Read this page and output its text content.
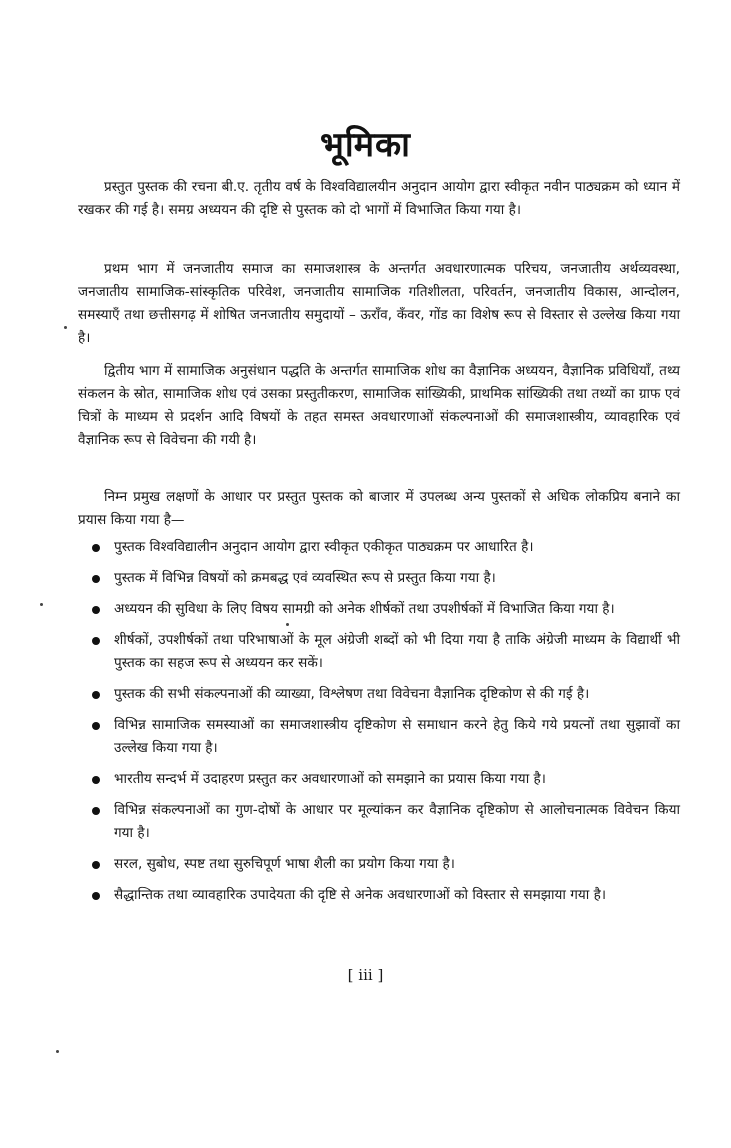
भूमिका

प्रस्तुत पुस्तक की रचना बी.ए. तृतीय वर्ष के विश्वविद्यालयीन अनुदान आयोग द्वारा स्वीकृत नवीन पाठ्यक्रम को ध्यान में रखकर की गई है। समग्र अध्ययन की दृष्टि से पुस्तक को दो भागों में विभाजित किया गया है।

प्रथम भाग में जनजातीय समाज का समाजशास्त्र के अन्तर्गत अवधारणात्मक परिचय, जनजातीय अर्थव्यवस्था, जनजातीय सामाजिक-सांस्कृतिक परिवेश, जनजातीय सामाजिक गतिशीलता, परिवर्तन, जनजातीय विकास, आन्दोलन, समस्याएँ तथा छत्तीसगढ़ में शोषित जनजातीय समुदायों – ऊराँव, कँवर, गोंड का विशेष रूप से विस्तार से उल्लेख किया गया है।

द्वितीय भाग में सामाजिक अनुसंधान पद्धति के अन्तर्गत सामाजिक शोध का वैज्ञानिक अध्ययन, वैज्ञानिक प्रविधियाँ, तथ्य संकलन के स्रोत, सामाजिक शोध एवं उसका प्रस्तुतीकरण, सामाजिक सांख्यिकी, प्राथमिक सांख्यिकी तथा तथ्यों का ग्राफ एवं चित्रों के माध्यम से प्रदर्शन आदि विषयों के तहत समस्त अवधारणाओं संकल्पनाओं की समाजशास्त्रीय, व्यावहारिक एवं वैज्ञानिक रूप से विवेचना की गयी है।

निम्न प्रमुख लक्षणों के आधार पर प्रस्तुत पुस्तक को बाजार में उपलब्ध अन्य पुस्तकों से अधिक लोकप्रिय बनाने का प्रयास किया गया है—

पुस्तक विश्वविद्यालीन अनुदान आयोग द्वारा स्वीकृत एकीकृत पाठ्यक्रम पर आधारित है।
पुस्तक में विभिन्न विषयों को क्रमबद्ध एवं व्यवस्थित रूप से प्रस्तुत किया गया है।
अध्ययन की सुविधा के लिए विषय सामग्री को अनेक शीर्षकों तथा उपशीर्षकों में विभाजित किया गया है।
शीर्षकों, उपशीर्षकों तथा परिभाषाओं के मूल अंग्रेजी शब्दों को भी दिया गया है ताकि अंग्रेजी माध्यम के विद्यार्थी भी पुस्तक का सहज रूप से अध्ययन कर सकें।
पुस्तक की सभी संकल्पनाओं की व्याख्या, विश्लेषण तथा विवेचना वैज्ञानिक दृष्टिकोण से की गई है।
विभिन्न सामाजिक समस्याओं का समाजशास्त्रीय दृष्टिकोण से समाधान करने हेतु किये गये प्रयत्नों तथा सुझावों का उल्लेख किया गया है।
भारतीय सन्दर्भ में उदाहरण प्रस्तुत कर अवधारणाओं को समझाने का प्रयास किया गया है।
विभिन्न संकल्पनाओं का गुण-दोषों के आधार पर मूल्यांकन कर वैज्ञानिक दृष्टिकोण से आलोचनात्मक विवेचन किया गया है।
सरल, सुबोध, स्पष्ट तथा सुरुचिपूर्ण भाषा शैली का प्रयोग किया गया है।
सैद्धान्तिक तथा व्यावहारिक उपादेयता की दृष्टि से अनेक अवधारणाओं को विस्तार से समझाया गया है।
[ iii ]
